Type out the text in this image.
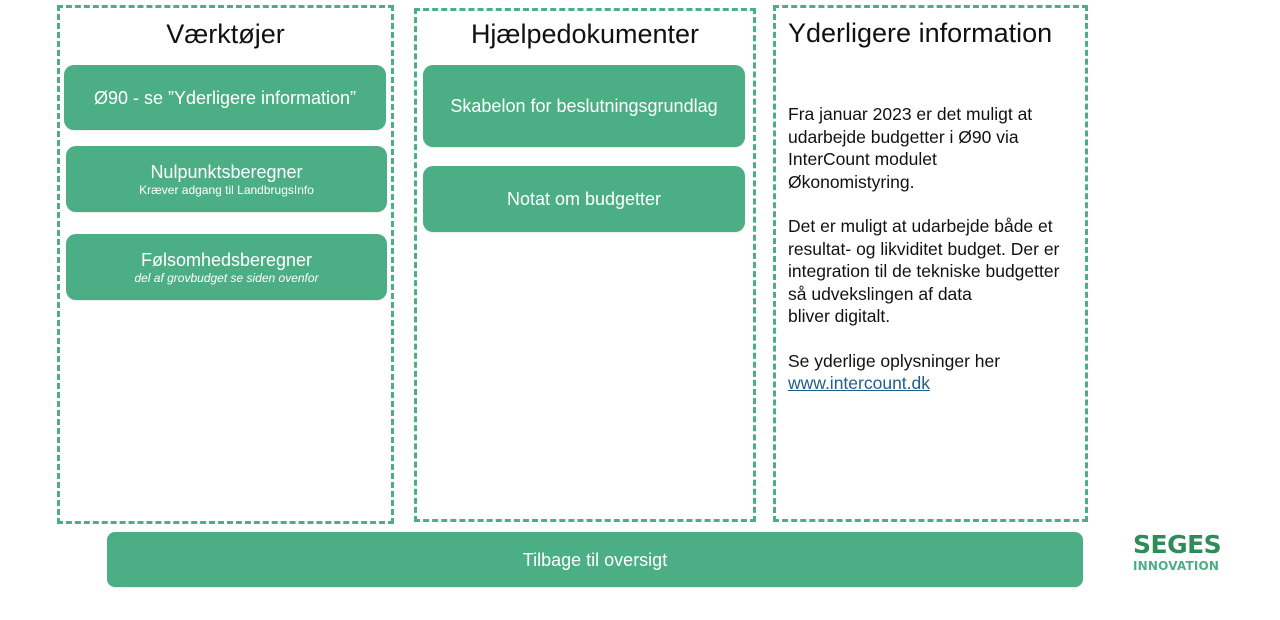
Værktøjer
Ø90 - se ”Yderligere information”
Nulpunktsberegner
Kræver adgang til LandbrugsInfo
Følsomhedsberegner
del af grovbudget se siden ovenfor
Hjælpedokumenter
Skabelon for beslutningsgrundlag
Notat om budgetter
Yderligere information

Fra januar 2023 er det muligt at
udarbejde budgetter i Ø90 via
InterCount modulet
Økonomistyring.

Det er muligt at udarbejde både et
resultat- og likviditet budget. Der er
integration til de tekniske budgetter
så udvekslingen af data
bliver digitalt.

Se yderlige oplysninger her
www.intercount.dk

Tilbage til oversigt
SEGES
INNOVATION
